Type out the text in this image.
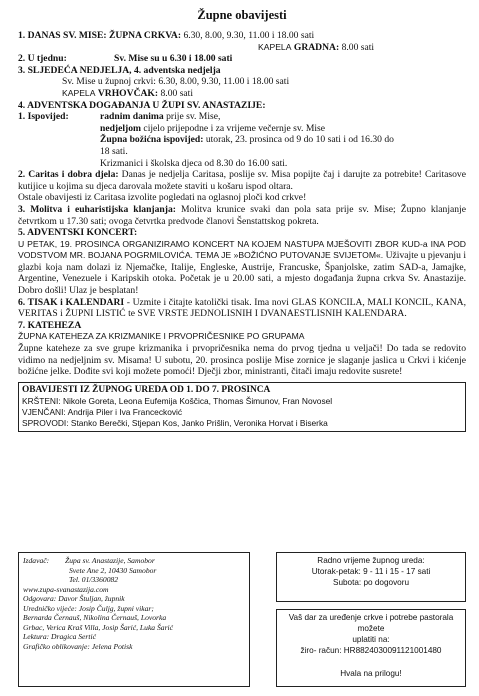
Župne obavijesti
1. DANAS SV. MISE: ŽUPNA CRKVA: 6.30, 8.00, 9.30, 11.00 i 18.00 sati
KAPELA GRADNA: 8.00 sati
2. U tjednu:	Sv. Mise su u 6.30 i 18.00 sati
3. SLJEDEĆA NEDJELJA, 4. adventska nedjelja
Sv. Mise u župnoj crkvi: 6.30, 8.00, 9.30, 11.00 i 18.00 sati
KAPELA VRHOVČAK: 8.00 sati
4. ADVENTSKA DOGAĐANJA U ŽUPI SV. ANASTAZIJE:
1. Ispovijed:	radnim danima prije sv. Mise,
nedjeljom cijelo prijepodne i za vrijeme večernje sv. Mise
Župna božićna ispovijed: utorak, 23. prosinca od 9 do 10 sati i od 16.30 do
18 sati.
Krizmanici i školska djeca od 8.30 do 16.00 sati.
2. Caritas i dobra djela: Danas je nedjelja Caritasa, poslije sv. Misa popijte čaj i darujte za potrebite! Caritasove kutijice u kojima su djeca darovala možete staviti u košaru ispod oltara.
Ostale obavijesti iz Caritasa izvolite pogledati na oglasnoj ploči kod crkve!
3. Molitva i euharistijska klanjanja: Molitva krunice svaki dan pola sata prije sv. Mise; Župno klanjanje četvrtkom u 17.30 sati; ovoga četvrtka predvode članovi Šenstattskog pokreta.
5. ADVENTSKI KONCERT:
U PETAK, 19. PROSINCA ORGANIZIRAMO KONCERT NA KOJEM NASTUPA MJEŠOVITI ZBOR KUD-a INA POD VODSTVOM MR. BOJANA POGRMILOVIĆA. TEMA JE »BOŽIĆNO PUTOVANJE SVIJETOM«. Uživajte u pjevanju i glazbi koja nam dolazi iz Njemačke, Italije, Engleske, Austrije, Francuske, Španjolske, zatim SAD-a, Jamajke, Argentine, Venezuele i Karipskih otoka. Početak je u 20.00 sati, a mjesto događanja župna crkva Sv. Anastazije. Dobro došli! Ulaz je besplatan!
6. TISAK i KALENDARI - Uzmite i čitajte katolički tisak. Ima novi GLAS KONCILA, MALI KONCIL, KANA, VERITAS i ŽUPNI LISTIĆ te SVE VRSTE JEDNOLISNIH I DVANAESTLISNIH KALENDARA.
7. KATEHEZA
ŽUPNA KATEHEZA ZA KRIZMANIKE I PRVOPRIČESNIKE PO GRUPAMA
Župne kateheze za sve grupe krizmanika i prvopričesnika nema do prvog tjedna u veljači! Do tada se redovito vidimo na nedjeljnim sv. Misama! U subotu, 20. prosinca poslije Mise zornice je slaganje jaslica u Crkvi i kićenje božićne jelke. Dođite svi koji možete pomoći! Dječji zbor, ministranti, čitači imaju redovite susrete!
OBAVIJESTI IZ ŽUPNOG UREDA OD 1. DO 7. PROSINCA
KRŠTENI: Nikole Goreta, Leona Eufemija Koščica, Thomas Šimunov, Fran Novosel
VJENČANI: Andrija Piler i Iva Francecković
SPROVODI: Stanko Berečki, Stjepan Kos, Janko Prišlin, Veronika Horvat i Biserka
Izdavač: Župa sv. Anastazije, Samobor
Svete Ane 2, 10430 Samobor
Tel. 01/3360082
www.zupa-svanastazija.com
Odgovara: Davor Štuljan, župnik
Uredničko vijeće: Josip Čuljg, župni vikar;
Bernarda Černauš, Nikolina Černauš, Lovorka
Grbac, Verica Kraš Villa, Josip Šarić, Luka Šarić
Lektura: Dragica Sertić
Grafičko oblikovanje: Jelena Potisk
Radno vrijeme župnog ureda:
Utorak-petak: 9 - 11 i 15 - 17 sati
Subota: po dogovoru
Vaš dar za uređenje crkve i potrebe pastorala možete
uplatiti na:
žiro- račun: HR8824030091121001480
Hvala na prilogu!
